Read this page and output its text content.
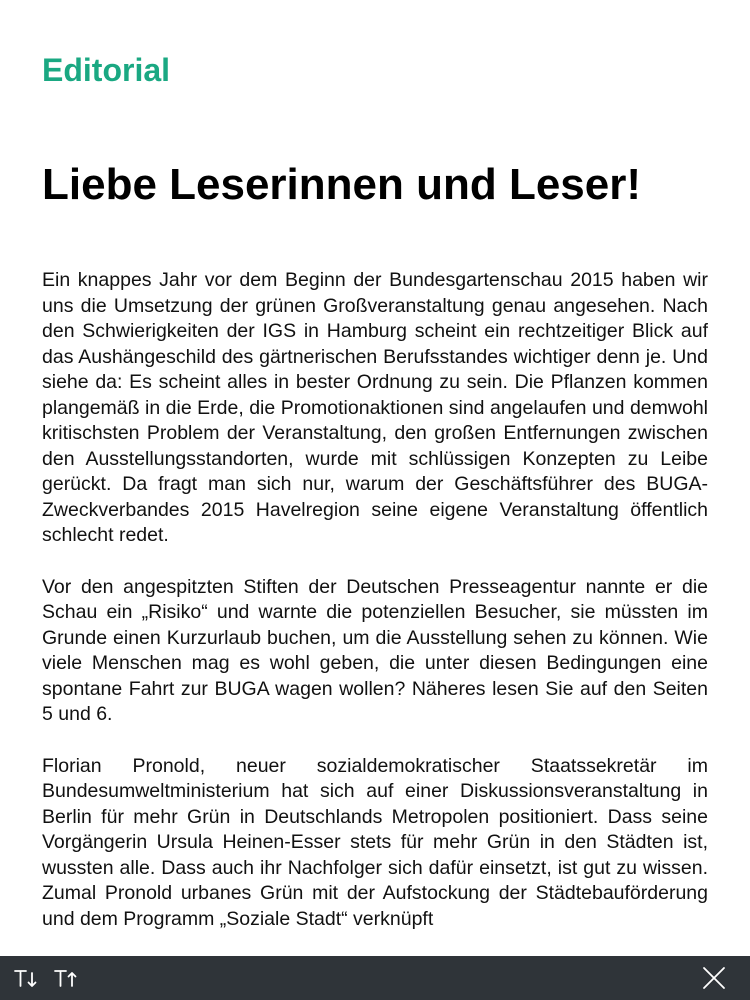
Editorial
Liebe Leserinnen und Leser!

Ein knappes Jahr vor dem Beginn der Bundesgartenschau 2015 haben wir uns die Umsetzung der grünen Großveranstaltung genau angesehen. Nach den Schwierigkeiten der IGS in Hamburg scheint ein rechtzeitiger Blick auf das Aushängeschild des gärtnerischen Berufsstandes wichtiger denn je. Und siehe da: Es scheint alles in bester Ordnung zu sein. Die Pflanzen kommen plangemäß in die Erde, die Promotionaktionen sind angelaufen und demwohl kritischsten Problem der Veranstaltung, den großen Entfernungen zwischen den Ausstellungsstandorten, wurde mit schlüssigen Konzepten zu Leibe gerückt. Da fragt man sich nur, warum der Geschäftsführer des BUGA-Zweckverbandes 2015 Havelregion seine eigene Veranstaltung öffentlich schlecht redet.

Vor den angespitzten Stiften der Deutschen Presseagentur nannte er die Schau ein „Risiko“ und warnte die potenziellen Besucher, sie müssten im Grunde einen Kurzurlaub buchen, um die Ausstellung sehen zu können. Wie viele Menschen mag es wohl geben, die unter diesen Bedingungen eine spontane Fahrt zur BUGA wagen wollen? Näheres lesen Sie auf den Seiten 5 und 6.

Florian Pronold, neuer sozialdemokratischer Staatssekretär im Bundesumweltministerium hat sich auf einer Diskussionsveranstaltung in Berlin für mehr Grün in Deutschlands Metropolen positioniert. Dass seine Vorgängerin Ursula Heinen-Esser stets für mehr Grün in den Städten ist, wussten alle. Dass auch ihr Nachfolger sich dafür einsetzt, ist gut zu wissen. Zumal Pronold urbanes Grün mit der Aufstockung der Städtebauförderung und dem Programm „Soziale Stadt“ verknüpft
